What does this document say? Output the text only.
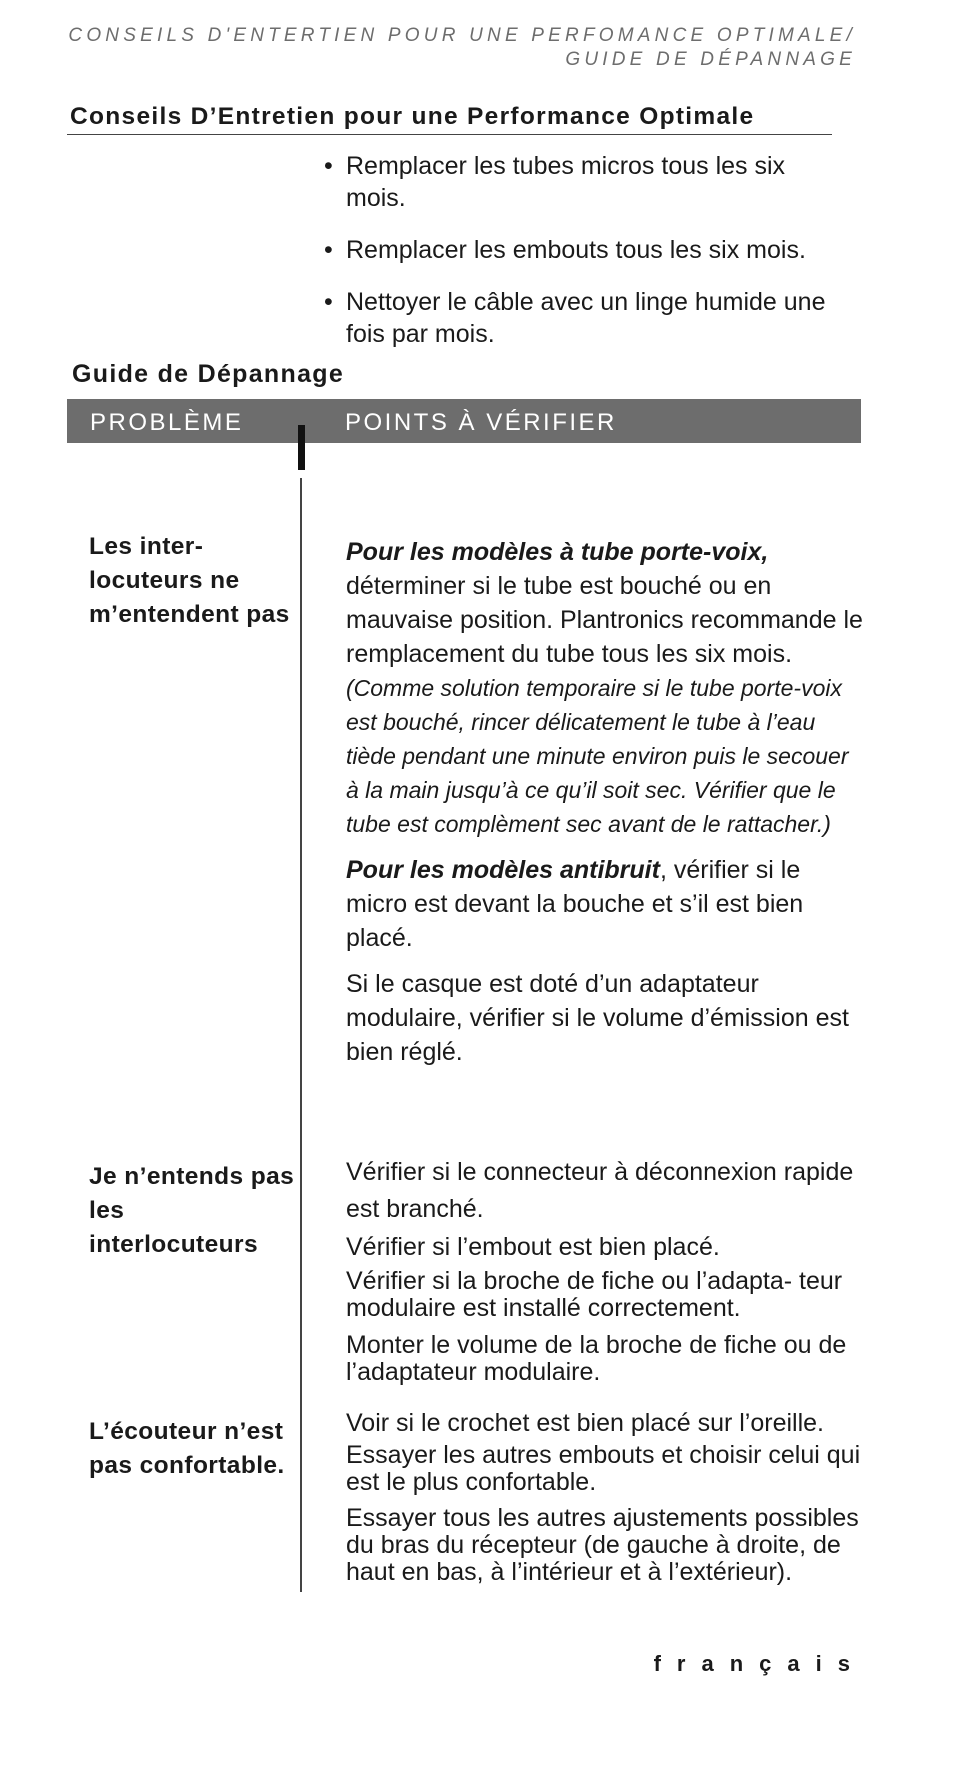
CONSEILS D'ENTERTIEN POUR UNE PERFOMANCE OPTIMALE/
GUIDE DE DÉPANNAGE
Conseils D’Entretien pour une Performance Optimale
• Remplacer les tubes micros tous les six mois.
• Remplacer les embouts tous les six mois.
• Nettoyer le câble avec un linge humide une fois par mois.
Guide de Dépannage
PROBLÈME	POINTS À VÉRIFIER
Les inter- locuteurs ne m’entendent pas

Pour les modèles à tube porte-voix, déterminer si le tube est bouché ou en mauvaise position. Plantronics recommande le remplacement du tube tous les six mois.

(Comme solution temporaire si le tube porte-voix est bouché, rincer délicatement le tube à l’eau tiède pendant une minute environ puis le secouer à la main jusqu’à ce qu’il soit sec. Vérifier que le tube est complèment sec avant de le rattacher.)

Pour les modèles antibruit, vérifier si le micro est devant la bouche et s’il est bien placé.

Si le casque est doté d’un adaptateur modulaire, vérifier si le volume d’émission est bien réglé.

Je n’entends pas les interlocuteurs

Vérifier si le connecteur à déconnexion rapide est branché.

Vérifier si l’embout est bien placé.

Vérifier si la broche de fiche ou l’adapta- teur modulaire est installé correctement.

Monter le volume de la broche de fiche ou de l’adaptateur modulaire.

L’écouteur n’est pas confortable.

Voir si le crochet est bien placé sur l’oreille.

Essayer les autres embouts et choisir celui qui est le plus confortable.

Essayer tous les autres ajustements possibles du bras du récepteur (de gauche à droite, de haut en bas, à l’intérieur et à l’extérieur).

français
